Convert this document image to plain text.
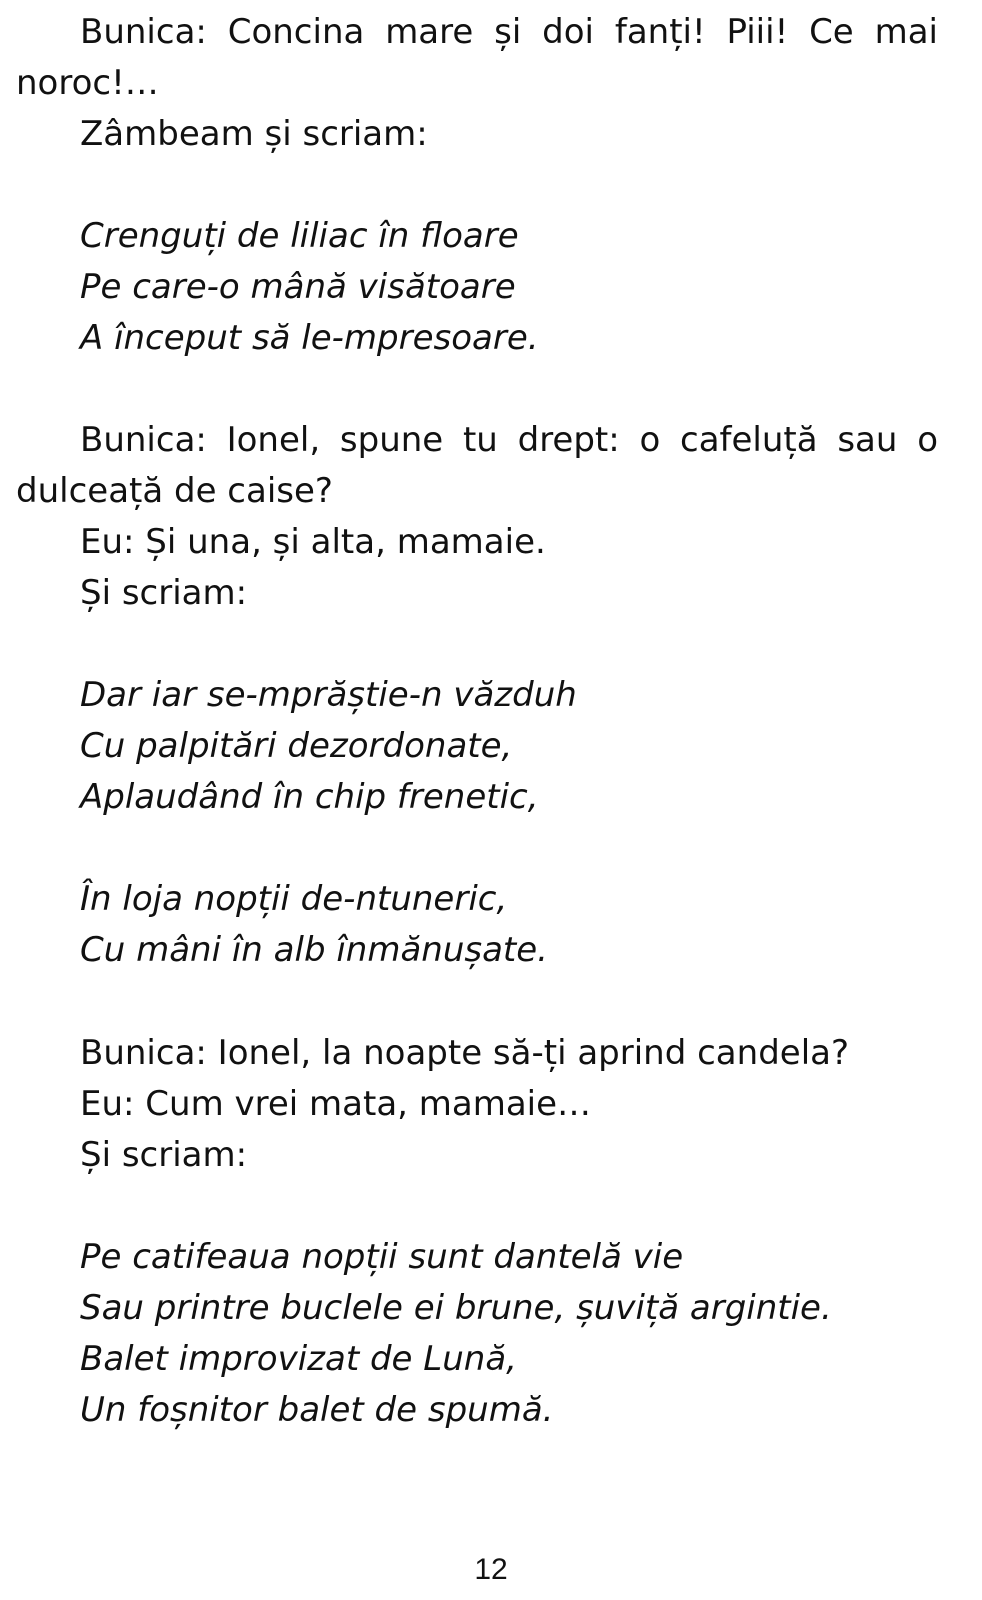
Bunica: Concina mare și doi fanți! Piii! Ce mai
noroc!…
Zâmbeam și scriam:
Crenguți de liliac în floare
Pe care-o mână visătoare
A început să le-mpresoare.
Bunica: Ionel, spune tu drept: o cafeluță sau o
dulceață de caise?
Eu: Și una, și alta, mamaie.
Și scriam:
Dar iar se-mprăștie-n văzduh
Cu palpitări dezordonate,
Aplaudând în chip frenetic,
În loja nopții de-ntuneric,
Cu mâni în alb înmănușate.
Bunica: Ionel, la noapte să-ți aprind candela?
Eu: Cum vrei mata, mamaie…
Și scriam:
Pe catifeaua nopții sunt dantelă vie
Sau printre buclele ei brune, șuviță argintie.
Balet improvizat de Lună,
Un foșnitor balet de spumă.
12
